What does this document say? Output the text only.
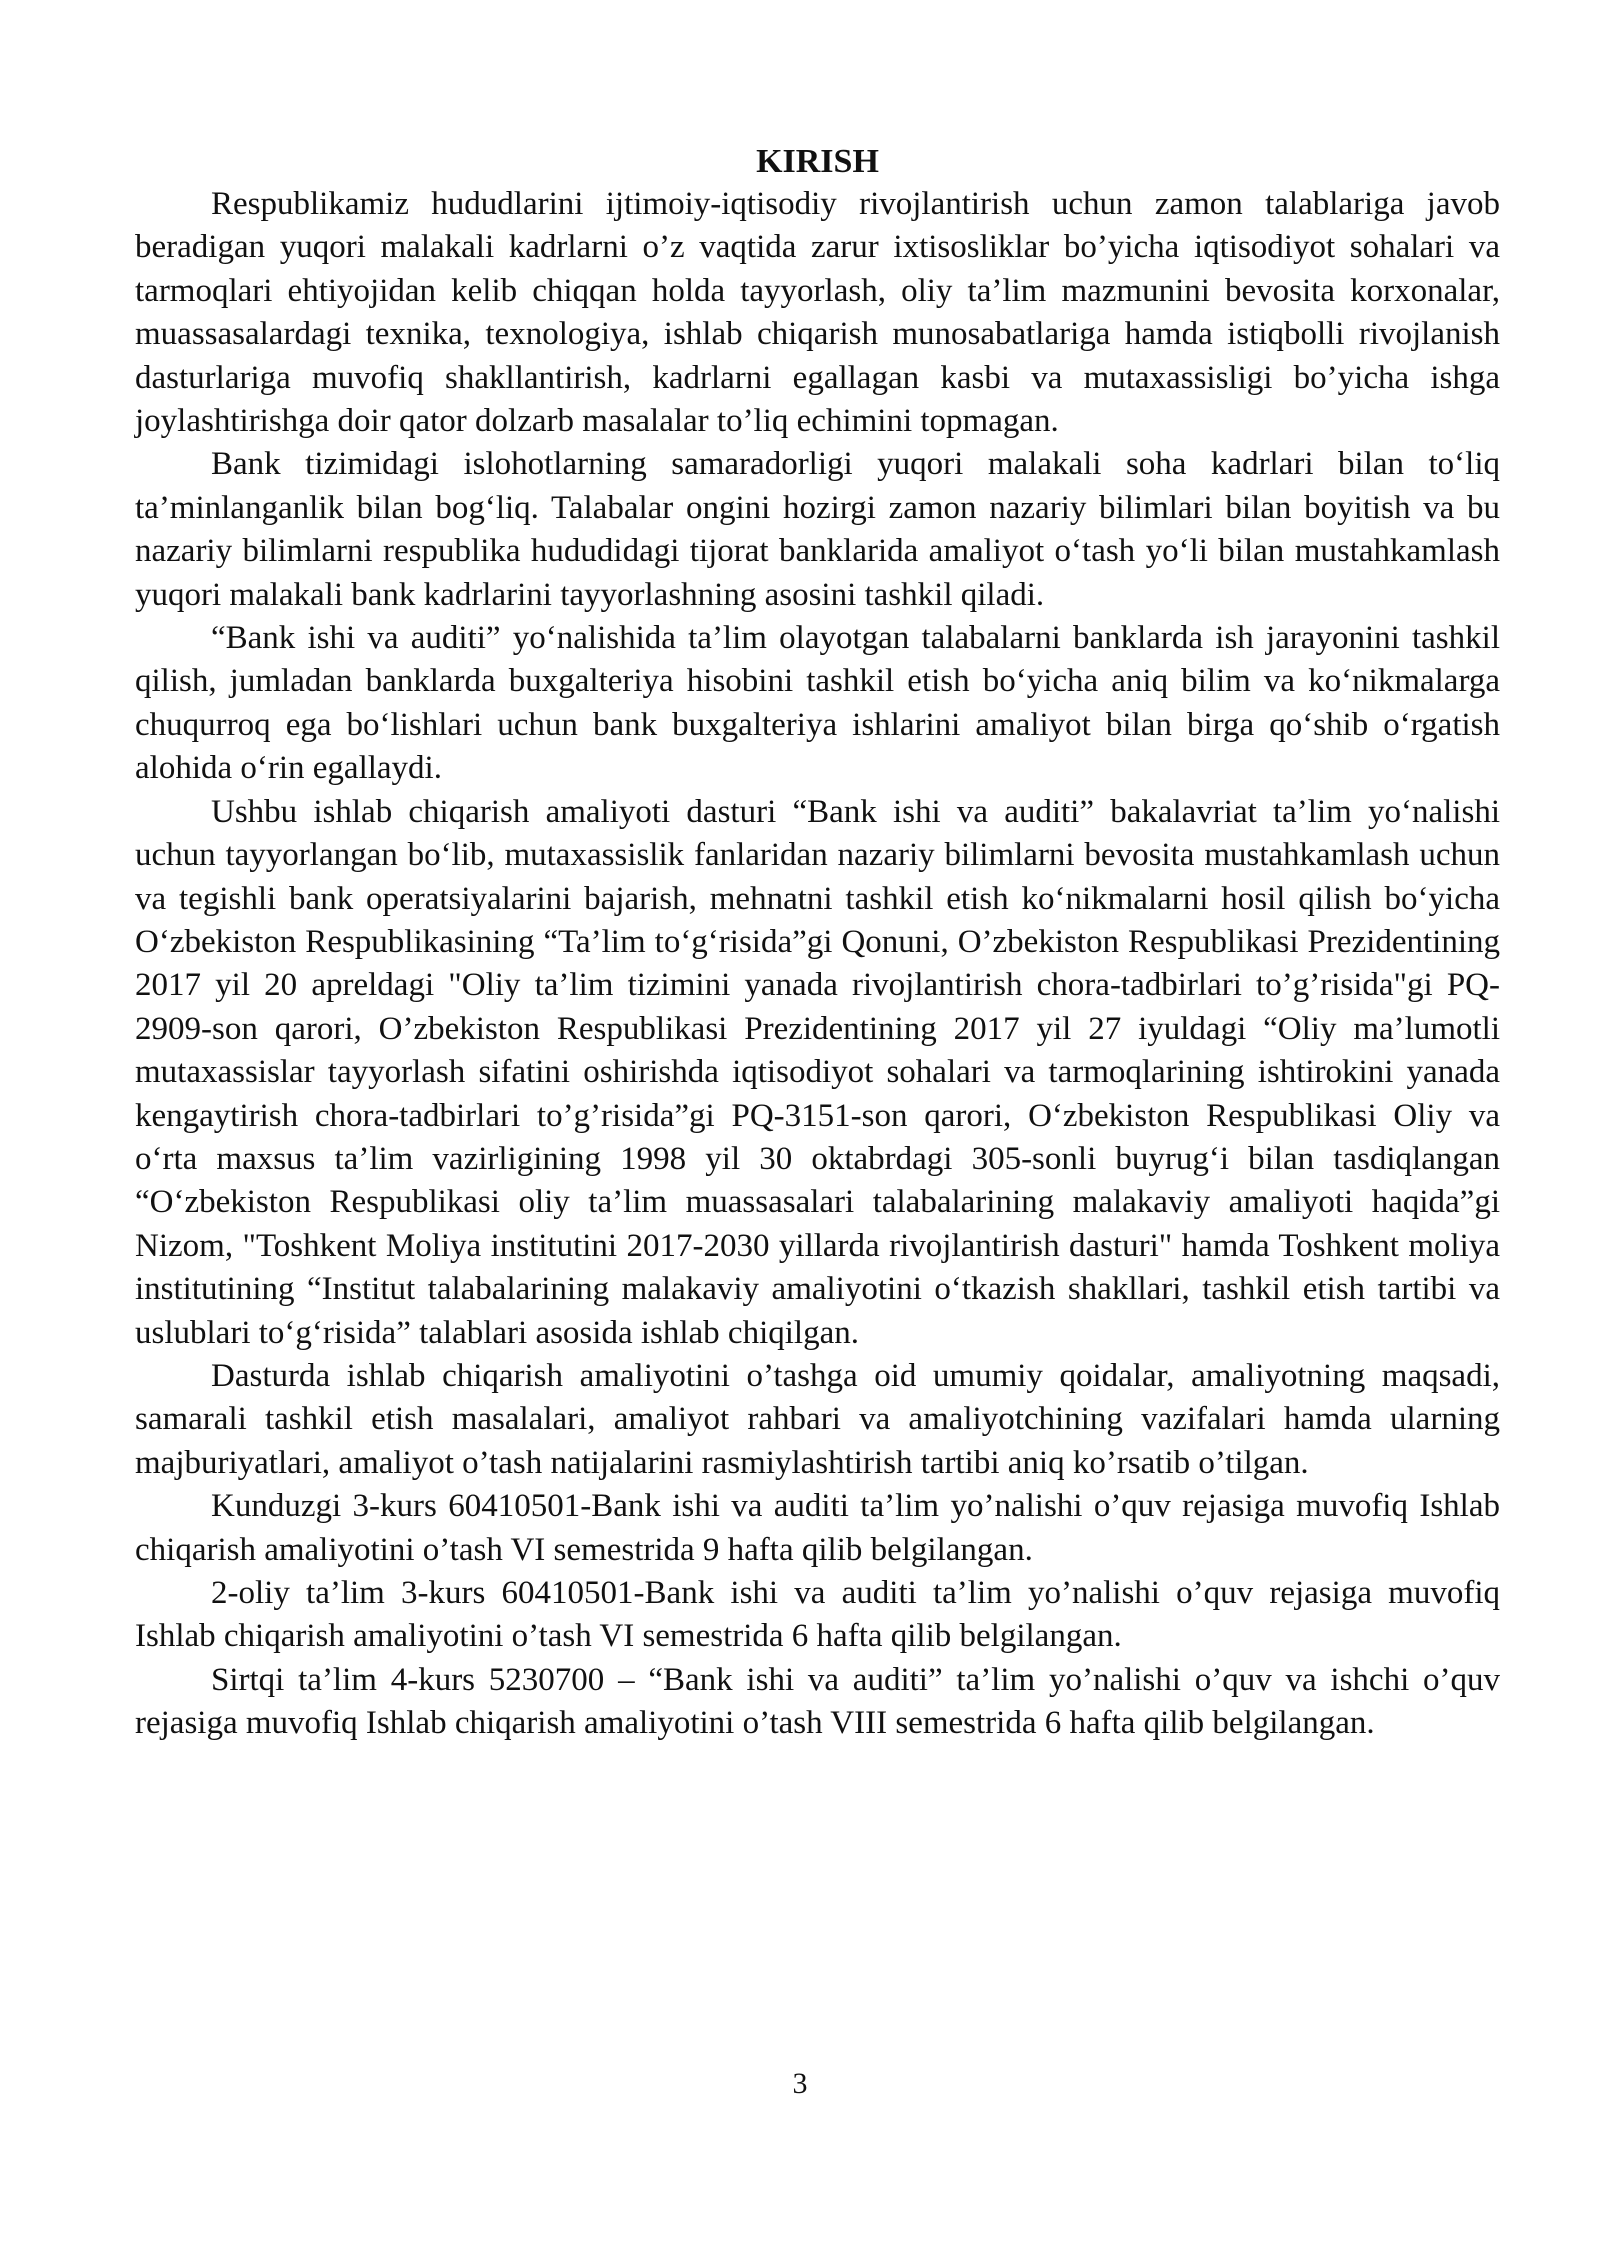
KIRISH

Respublikamiz hududlarini ijtimoiy-iqtisodiy rivojlantirish uchun zamon talablariga javob beradigan yuqori malakali kadrlarni o’z vaqtida zarur ixtisosliklar bo’yicha iqtisodiyot sohalari va tarmoqlari ehtiyojidan kelib chiqqan holda tayyorlash, oliy ta’lim mazmunini bevosita korxonalar, muassasalardagi texnika, texnologiya, ishlab chiqarish munosabatlariga hamda istiqbolli rivojlanish dasturlariga muvofiq shakllantirish, kadrlarni egallagan kasbi va mutaxassisligi bo’yicha ishga joylashtirishga doir qator dolzarb masalalar to’liq echimini topmagan.

Bank tizimidagi islohotlarning samaradorligi yuqori malakali soha kadrlari bilan to‘liq ta’minlanganlik bilan bog‘liq. Talabalar ongini hozirgi zamon nazariy bilimlari bilan boyitish va bu nazariy bilimlarni respublika hududidagi tijorat banklarida amaliyot o‘tash yo‘li bilan mustahkamlash yuqori malakali bank kadrlarini tayyorlashning asosini tashkil qiladi.

“Bank ishi va auditi” yo‘nalishida ta’lim olayotgan talabalarni banklarda ish jarayonini tashkil qilish, jumladan banklarda buxgalteriya hisobini tashkil etish bo‘yicha aniq bilim va ko‘nikmalarga chuqurroq ega bo‘lishlari uchun bank buxgalteriya ishlarini amaliyot bilan birga qo‘shib o‘rgatish alohida o‘rin egallaydi.

Ushbu ishlab chiqarish amaliyoti dasturi “Bank ishi va auditi” bakalavriat ta’lim yo‘nalishi uchun tayyorlangan bo‘lib, mutaxassislik fanlaridan nazariy bilimlarni bevosita mustahkamlash uchun va tegishli bank operatsiyalarini bajarish, mehnatni tashkil etish ko‘nikmalarni hosil qilish bo‘yicha O‘zbekiston Respublikasining “Ta’lim to‘g‘risida”gi Qonuni, O’zbekiston Respublikasi Prezidentining 2017 yil 20 apreldagi "Oliy ta’lim tizimini yanada rivojlantirish chora-tadbirlari to’g’risida"gi PQ-2909-son qarori, O’zbekiston Respublikasi Prezidentining 2017 yil 27 iyuldagi “Oliy ma’lumotli mutaxassislar tayyorlash sifatini oshirishda iqtisodiyot sohalari va tarmoqlarining ishtirokini yanada kengaytirish chora-tadbirlari to’g’risida”gi PQ-3151-son qarori, O‘zbekiston Respublikasi Oliy va o‘rta maxsus ta’lim vazirligining 1998 yil 30 oktabrdagi 305-sonli buyrug‘i bilan tasdiqlangan “O‘zbekiston Respublikasi oliy ta’lim muassasalari talabalarining malakaviy amaliyoti haqida”gi Nizom, "Toshkent Moliya institutini 2017-2030 yillarda rivojlantirish dasturi" hamda Toshkent moliya institutining “Institut talabalarining malakaviy amaliyotini o‘tkazish shakllari, tashkil etish tartibi va uslublari to‘g‘risida” talablari asosida ishlab chiqilgan.

Dasturda ishlab chiqarish amaliyotini o’tashga oid umumiy qoidalar, amaliyotning maqsadi, samarali tashkil etish masalalari, amaliyot rahbari va amaliyotchining vazifalari hamda ularning majburiyatlari, amaliyot o’tash natijalarini rasmiylashtirish tartibi aniq ko’rsatib o’tilgan.

Kunduzgi 3-kurs 60410501-Bank ishi va auditi ta’lim yo’nalishi o’quv rejasiga muvofiq Ishlab chiqarish amaliyotini o’tash VI semestrida 9 hafta qilib belgilangan.

2-oliy ta’lim 3-kurs 60410501-Bank ishi va auditi ta’lim yo’nalishi o’quv rejasiga muvofiq Ishlab chiqarish amaliyotini o’tash VI semestrida 6 hafta qilib belgilangan.

Sirtqi ta’lim 4-kurs 5230700 – “Bank ishi va auditi” ta’lim yo’nalishi o’quv va ishchi o’quv rejasiga muvofiq Ishlab chiqarish amaliyotini o’tash VIII semestrida 6 hafta qilib belgilangan.

3
